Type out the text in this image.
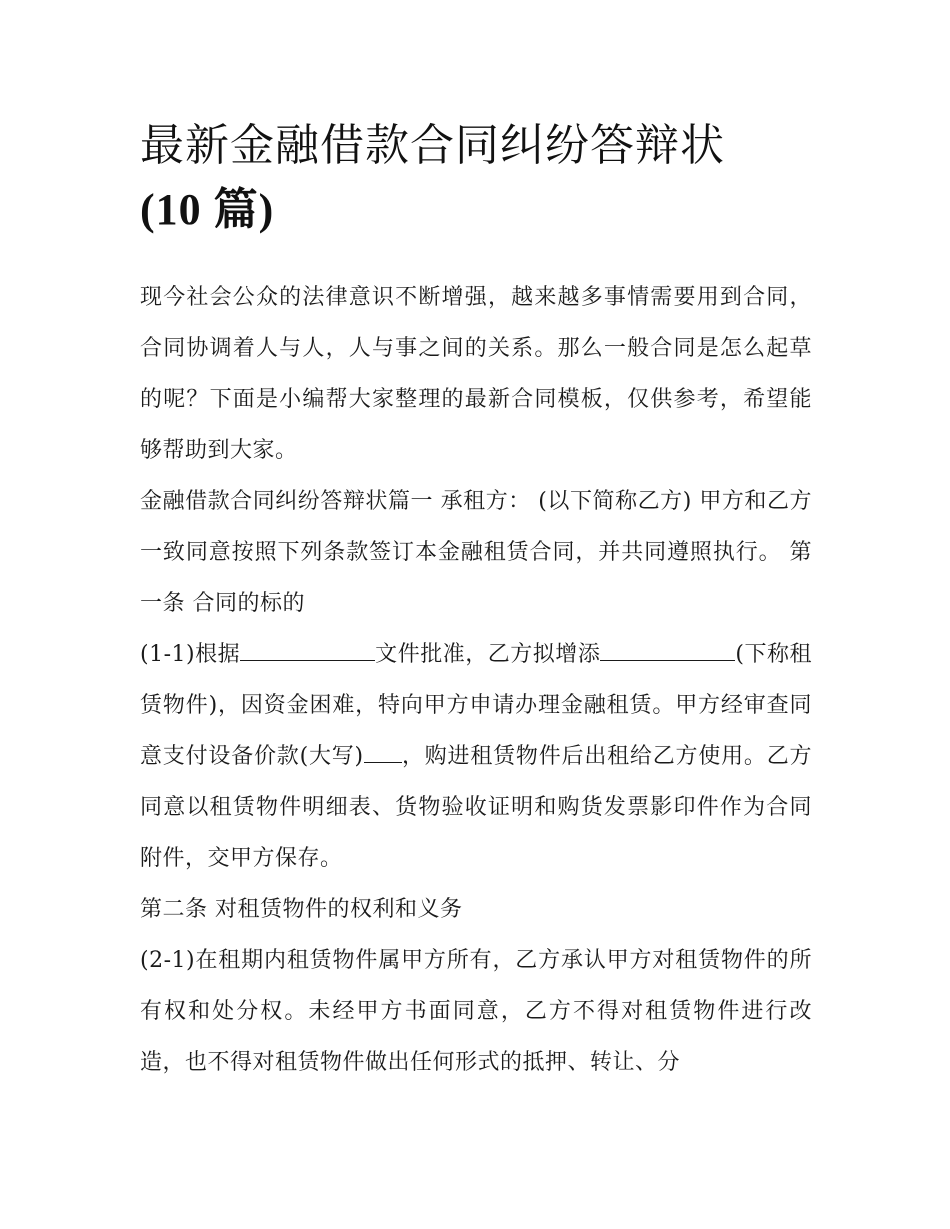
最新金融借款合同纠纷答辩状
(10 篇)

现今社会公众的法律意识不断增强，越来越多事情需要用到合同，合同协调着人与人，人与事之间的关系。那么一般合同是怎么起草的呢？下面是小编帮大家整理的最新合同模板，仅供参考，希望能够帮助到大家。

金融借款合同纠纷答辩状篇一 承租方： (以下简称乙方) 甲方和乙方一致同意按照下列条款签订本金融租赁合同，并共同遵照执行。 第一条 合同的标的

(1-1)根据	文件批准，乙方拟增添	(下称租赁物件)，因资金困难，特向甲方申请办理金融租赁。甲方经审查同意支付设备价款(大写) ，购进租赁物件后出租给乙方使用。乙方同意以租赁物件明细表、货物验收证明和购货发票影印件作为合同附件，交甲方保存。

第二条 对租赁物件的权利和义务

(2-1)在租期内租赁物件属甲方所有，乙方承认甲方对租赁物件的所有权和处分权。未经甲方书面同意，乙方不得对租赁物件进行改造，也不得对租赁物件做出任何形式的抵押、转让、分
